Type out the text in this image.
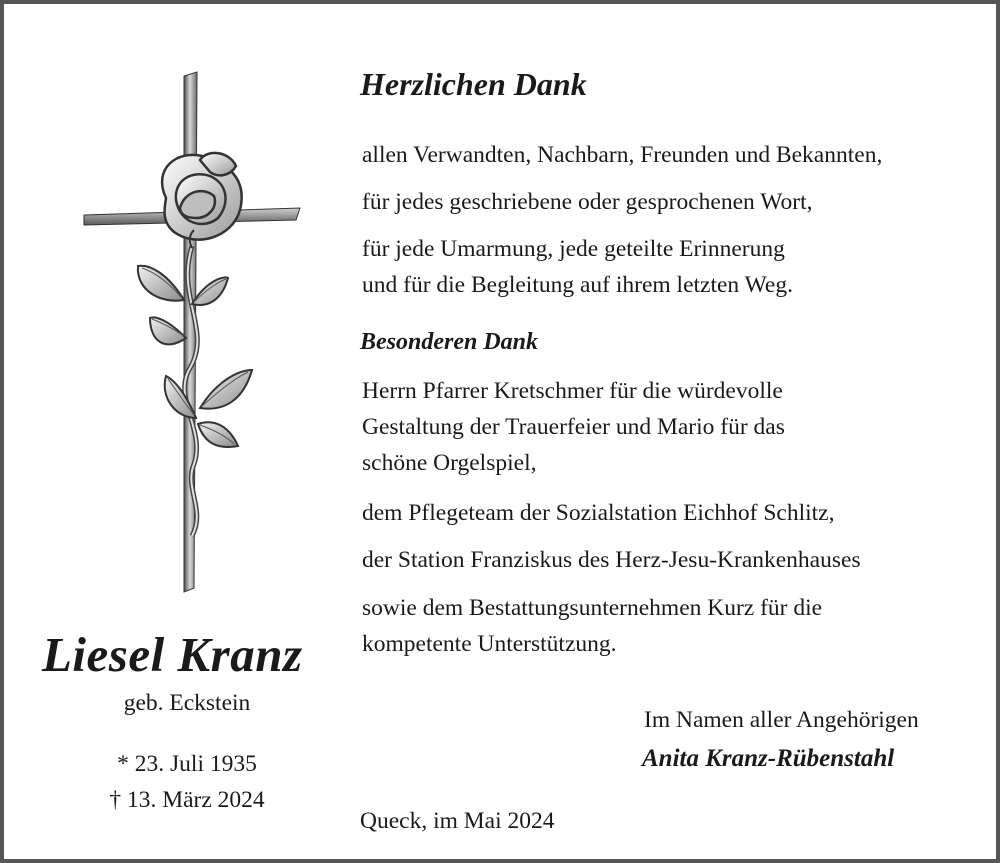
Herzlichen Dank
allen Verwandten, Nachbarn, Freunden und Bekannten,
für jedes geschriebene oder gesprochenen Wort,
für jede Umarmung, jede geteilte Erinnerung
und für die Begleitung auf ihrem letzten Weg.
Besonderen Dank
Herrn Pfarrer Kretschmer für die würdevolle
Gestaltung der Trauerfeier und Mario für das
schöne Orgelspiel,
dem Pflegeteam der Sozialstation Eichhof Schlitz,
der Station Franziskus des Herz-Jesu-Krankenhauses
sowie dem Bestattungsunternehmen Kurz für die
kompetente Unterstützung.
Liesel Kranz
geb. Eckstein
* 23. Juli 1935
† 13. März 2024
Im Namen aller Angehörigen
Anita Kranz-Rübenstahl
Queck, im Mai 2024
